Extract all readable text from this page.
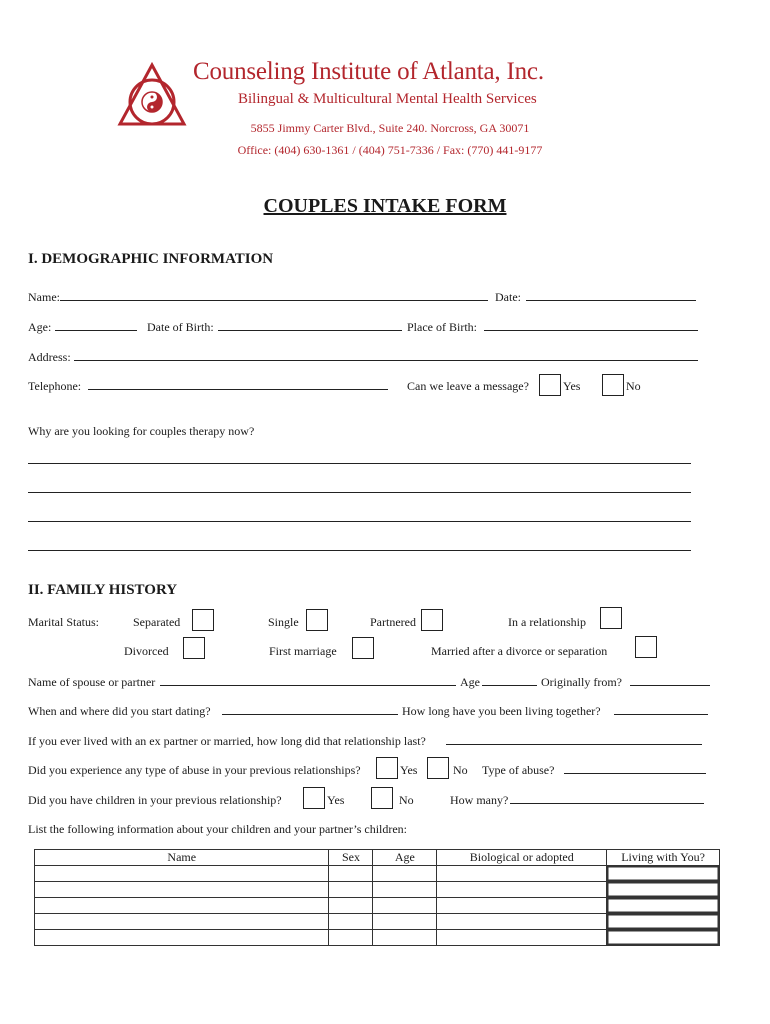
Counseling Institute of Atlanta, Inc.
Bilingual & Multicultural Mental Health Services
5855 Jimmy Carter Blvd., Suite 240. Norcross, GA 30071
Office: (404) 630-1361 / (404) 751-7336 / Fax: (770) 441-9177
COUPLES INTAKE FORM
I. DEMOGRAPHIC INFORMATION
Name:	Date:
Age:	Date of Birth:	Place of Birth:
Address:
Telephone:	Can we leave a message?	Yes	No
Why are you looking for couples therapy now?
II. FAMILY HISTORY
Marital Status:	Separated	Single	Partnered	In a relationship
Divorced	First marriage	Married after a divorce or separation
Name of spouse or partner	Age	Originally from?
When and where did you start dating?	How long have you been living together?
If you ever lived with an ex partner or married, how long did that relationship last?
Did you experience any type of abuse in your previous relationships?	Yes	No Type of abuse?
Did you have children in your previous relationship?	Yes	No	How many?
List the following information about your children and your partner’s children:
Name	Sex	Age	Biological or adopted	Living with You?
